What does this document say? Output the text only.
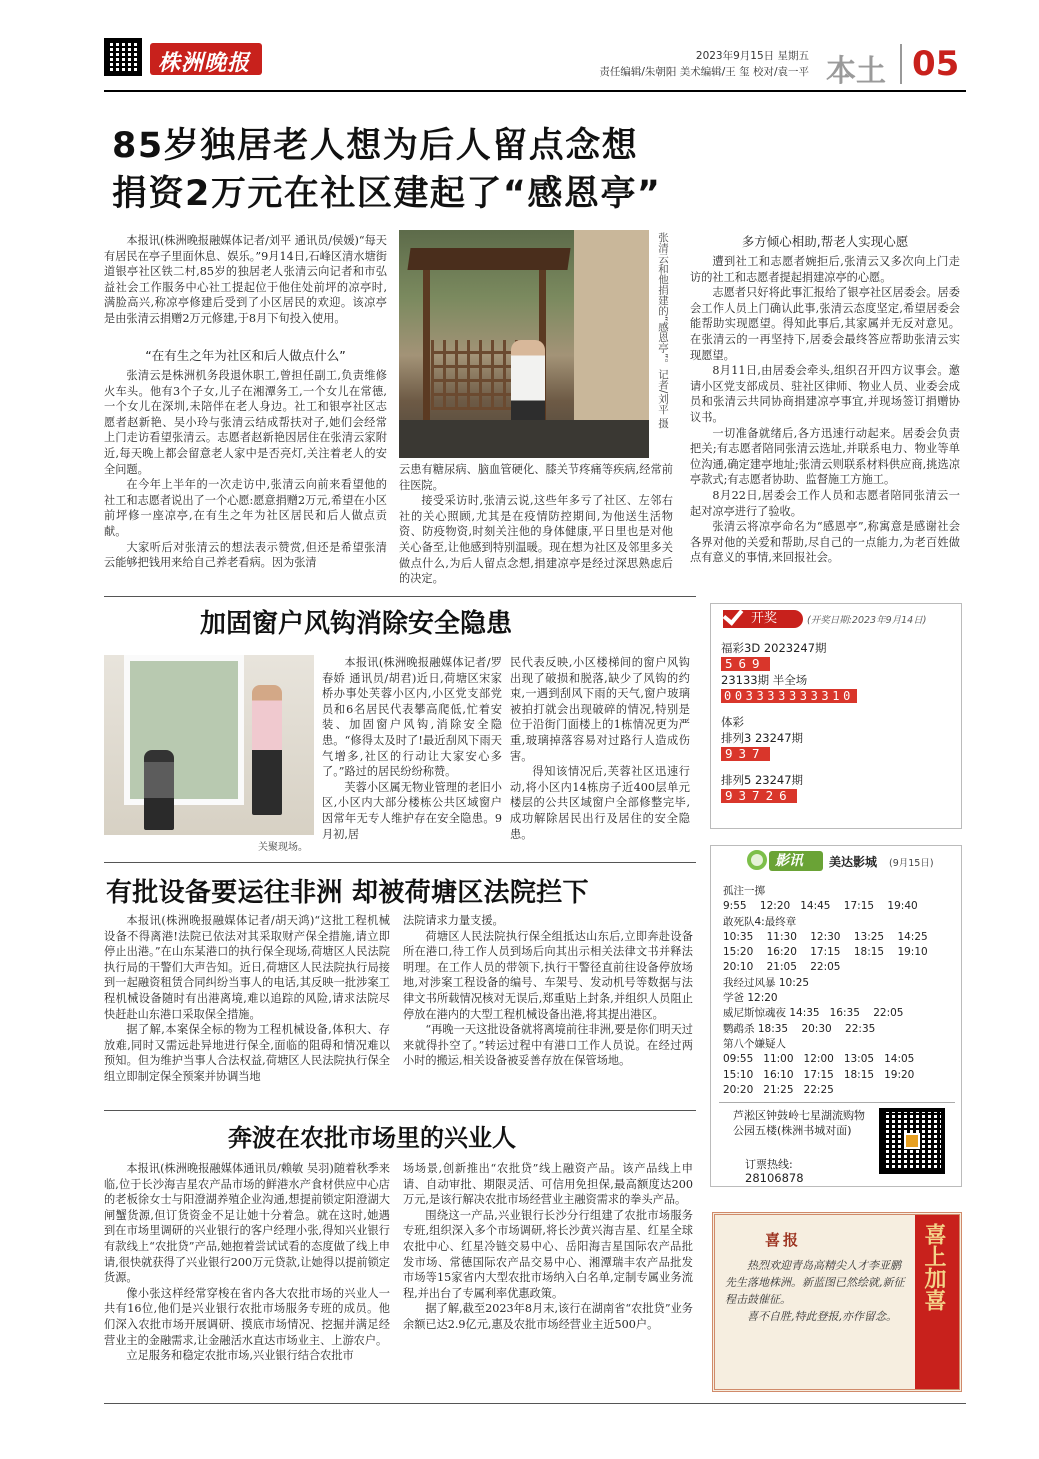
株洲晚报	2023年9月15日 星期五
责任编辑/朱朝阳 美术编辑/王 玺 校对/袁一平 本土 05
85岁独居老人想为后人留点念想
捐资2万元在社区建起了“感恩亭”

本报讯(株洲晚报融媒体记者/刘平 通讯员/侯媛)“每天有居民在亭子里面休息、娱乐。”9月14日,石峰区清水塘街道银亭社区铁二村,85岁的独居老人张清云向记者和市弘益社会工作服务中心社工提起位于他住处前坪的凉亭时,满脸高兴,称凉亭修建后受到了小区居民的欢迎。该凉亭是由张清云捐赠2万元修建,于8月下旬投入使用。

“在有生之年为社区和后人做点什么”

张清云是株洲机务段退休职工,曾担任副工,负责维修火车头。他有3个子女,儿子在湘潭务工,一个女儿在常德,一个女儿在深圳,未陪伴在老人身边。社工和银亭社区志愿者赵新艳、吴小玲与张清云结成帮扶对子,她们会经常上门走访看望张清云。志愿者赵新艳因居住在张清云家附近,每天晚上都会留意老人家中是否亮灯,关注着老人的安全问题。

在今年上半年的一次走访中,张清云向前来看望他的社工和志愿者说出了一个心愿:愿意捐赠2万元,希望在小区前坪修一座凉亭,在有生之年为社区居民和后人做点贡献。

大家听后对张清云的想法表示赞赏,但还是希望张清云能够把钱用来给自己养老看病。因为张清

张清云和他捐建的“感恩亭”。记者/刘平 摄

云患有糖尿病、脑血管硬化、膝关节疼痛等疾病,经常前往医院。

接受采访时,张清云说,这些年多亏了社区、左邻右社的关心照顾,尤其是在疫情防控期间,为他送生活物资、防疫物资,时刻关注他的身体健康,平日里也是对他关心备至,让他感到特别温暖。现在想为社区及邻里多关做点什么,为后人留点念想,捐建凉亭是经过深思熟虑后的决定。

多方倾心相助,帮老人实现心愿

遭到社工和志愿者婉拒后,张清云又多次向上门走访的社工和志愿者提起捐建凉亭的心愿。

志愿者只好将此事汇报给了银亭社区居委会。居委会工作人员上门确认此事,张清云态度坚定,希望居委会能帮助实现愿望。得知此事后,其家属并无反对意见。在张清云的一再坚持下,居委会最终答应帮助张清云实现愿望。

8月11日,由居委会牵头,组织召开四方议事会。邀请小区党支部成员、驻社区律师、物业人员、业委会成员和张清云共同协商捐建凉亭事宜,并现场签订捐赠协议书。

一切准备就绪后,各方迅速行动起来。居委会负责把关;有志愿者陪同张清云选址,并联系电力、物业等单位沟通,确定建亭地址;张清云则联系材料供应商,挑选凉亭款式;有志愿者协助、监督施工方施工。

8月22日,居委会工作人员和志愿者陪同张清云一起对凉亭进行了验收。

张清云将凉亭命名为“感恩亭”,称寓意是感谢社会各界对他的关爱和帮助,尽自己的一点能力,为老百姓做点有意义的事情,来回报社会。

加固窗户风钩消除安全隐患
关聚现场。

本报讯(株洲晚报融媒体记者/罗春娇 通讯员/胡君)近日,荷塘区宋家桥办事处芙蓉小区内,小区党支部党员和6名居民代表攀高爬低,忙着安装、加固窗户风钩,消除安全隐患。“修得太及时了!最近刮风下雨天气增多,社区的行动让大家安心多了。”路过的居民纷纷称赞。

芙蓉小区属无物业管理的老旧小区,小区内大部分楼栋公共区域窗户因常年无专人维护存在安全隐患。9月初,居

民代表反映,小区楼梯间的窗户风钩出现了破损和脱落,缺少了风钩的约束,一遇到刮风下雨的天气,窗户玻璃被拍打就会出现破碎的情况,特别是位于沿街门面楼上的1栋情况更为严重,玻璃掉落容易对过路行人造成伤害。

得知该情况后,芙蓉社区迅速行动,将小区内14栋房子近400层单元楼层的公共区域窗户全部修整完毕,成功解除居民出行及居住的安全隐患。

开奖	(开奖日期:2023年9月14日)
福彩3D 2023247期
569
23133期 半全场
003333333310
体彩
排列3 23247期
937
排列5 23247期
93726
影讯 美达影城 (9月15日)
孤注一掷
9:55    12:20   14:45    17:15    19:40
敢死队4:最终章
10:35    11:30    12:30    13:25    14:25
15:20    16:20    17:15    18:15    19:10
20:10    21:05    22:05
我经过风暴 10:25
学爸 12:20
威尼斯惊魂夜 14:35   16:35    22:05
鹦鹉杀 18:35    20:30    22:35
第八个嫌疑人
09:55   11:00   12:00   13:05   14:05
15:10   16:10   17:15   18:15   19:20
20:20   21:25   22:25
芦淞区钟鼓岭七星湖流购物公园五楼(株洲书城对面)
订票热线:
28106878
有批设备要运往非洲 却被荷塘区法院拦下

本报讯(株洲晚报融媒体记者/胡天鸿)“这批工程机械设备不得离港!法院已依法对其采取财产保全措施,请立即停止出港。”在山东某港口的执行保全现场,荷塘区人民法院执行局的干警们大声告知。近日,荷塘区人民法院执行局接到一起融资租赁合同纠纷当事人的电话,其反映一批涉案工程机械设备随时有出港离境,难以追踪的风险,请求法院尽快赶赴山东港口采取保全措施。

据了解,本案保全标的物为工程机械设备,体积大、存放难,同时又需远赴异地进行保全,面临的阻碍和情况难以预知。但为维护当事人合法权益,荷塘区人民法院执行保全组立即制定保全预案并协调当地

法院请求力量支援。

荷塘区人民法院执行保全组抵达山东后,立即奔赴设备所在港口,待工作人员到场后向其出示相关法律文书并释法明理。在工作人员的带领下,执行干警径直前往设备停放场地,对涉案工程设备的编号、车架号、发动机号等数据与法律文书所载情况核对无误后,郑重贴上封条,并组织人员阻止停放在港内的大型工程机械设备出港,将其提出港区。

“再晚一天这批设备就将离境前往非洲,要是你们明天过来就得扑空了。”转运过程中有港口工作人员说。在经过两小时的搬运,相关设备被妥善存放在保管场地。

奔波在农批市场里的兴业人

本报讯(株洲晚报融媒体通讯员/赖敏 吴羽)随着秋季来临,位于长沙海吉星农产品市场的鲜港水产食材供应中心店的老板徐女士与阳澄湖养殖企业沟通,想提前锁定阳澄湖大闸蟹货源,但订货资金不足让她十分着急。就在这时,她遇到在市场里调研的兴业银行的客户经理小张,得知兴业银行有款线上“农批贷”产品,她抱着尝试试看的态度做了线上申请,很快就获得了兴业银行200万元贷款,让她得以提前锁定货源。

像小张这样经常穿梭在省内各大农批市场的兴业人一共有16位,他们是兴业银行农批市场服务专班的成员。他们深入农批市场开展调研、摸底市场情况、挖掘并满足经营业主的金融需求,让金融活水直达市场业主、上游农户。

立足服务和稳定农批市场,兴业银行结合农批市

场场景,创新推出“农批贷”线上融资产品。该产品线上申请、自动审批、期限灵活、可信用免担保,最高额度达200万元,是该行解决农批市场经营业主融资需求的拳头产品。

围绕这一产品,兴业银行长沙分行组建了农批市场服务专班,组织深入多个市场调研,将长沙黄兴海吉星、红星全球农批中心、红星冷链交易中心、岳阳海吉星国际农产品批发市场、常德国际农产品交易中心、湘潭瑞丰农产品批发市场等15家省内大型农批市场纳入白名单,定制专属业务流程,并出台了专属利率优惠政策。

据了解,截至2023年8月末,该行在湖南省“农批贷”业务余额已达2.9亿元,惠及农批市场经营业主近500户。

喜报

热烈欢迎青岛高精尖人才李亚鹏先生落地株洲。新蓝图已然绘就,新征程击鼓催征。

喜不自胜,特此登报,亦作留念。

喜上加喜
